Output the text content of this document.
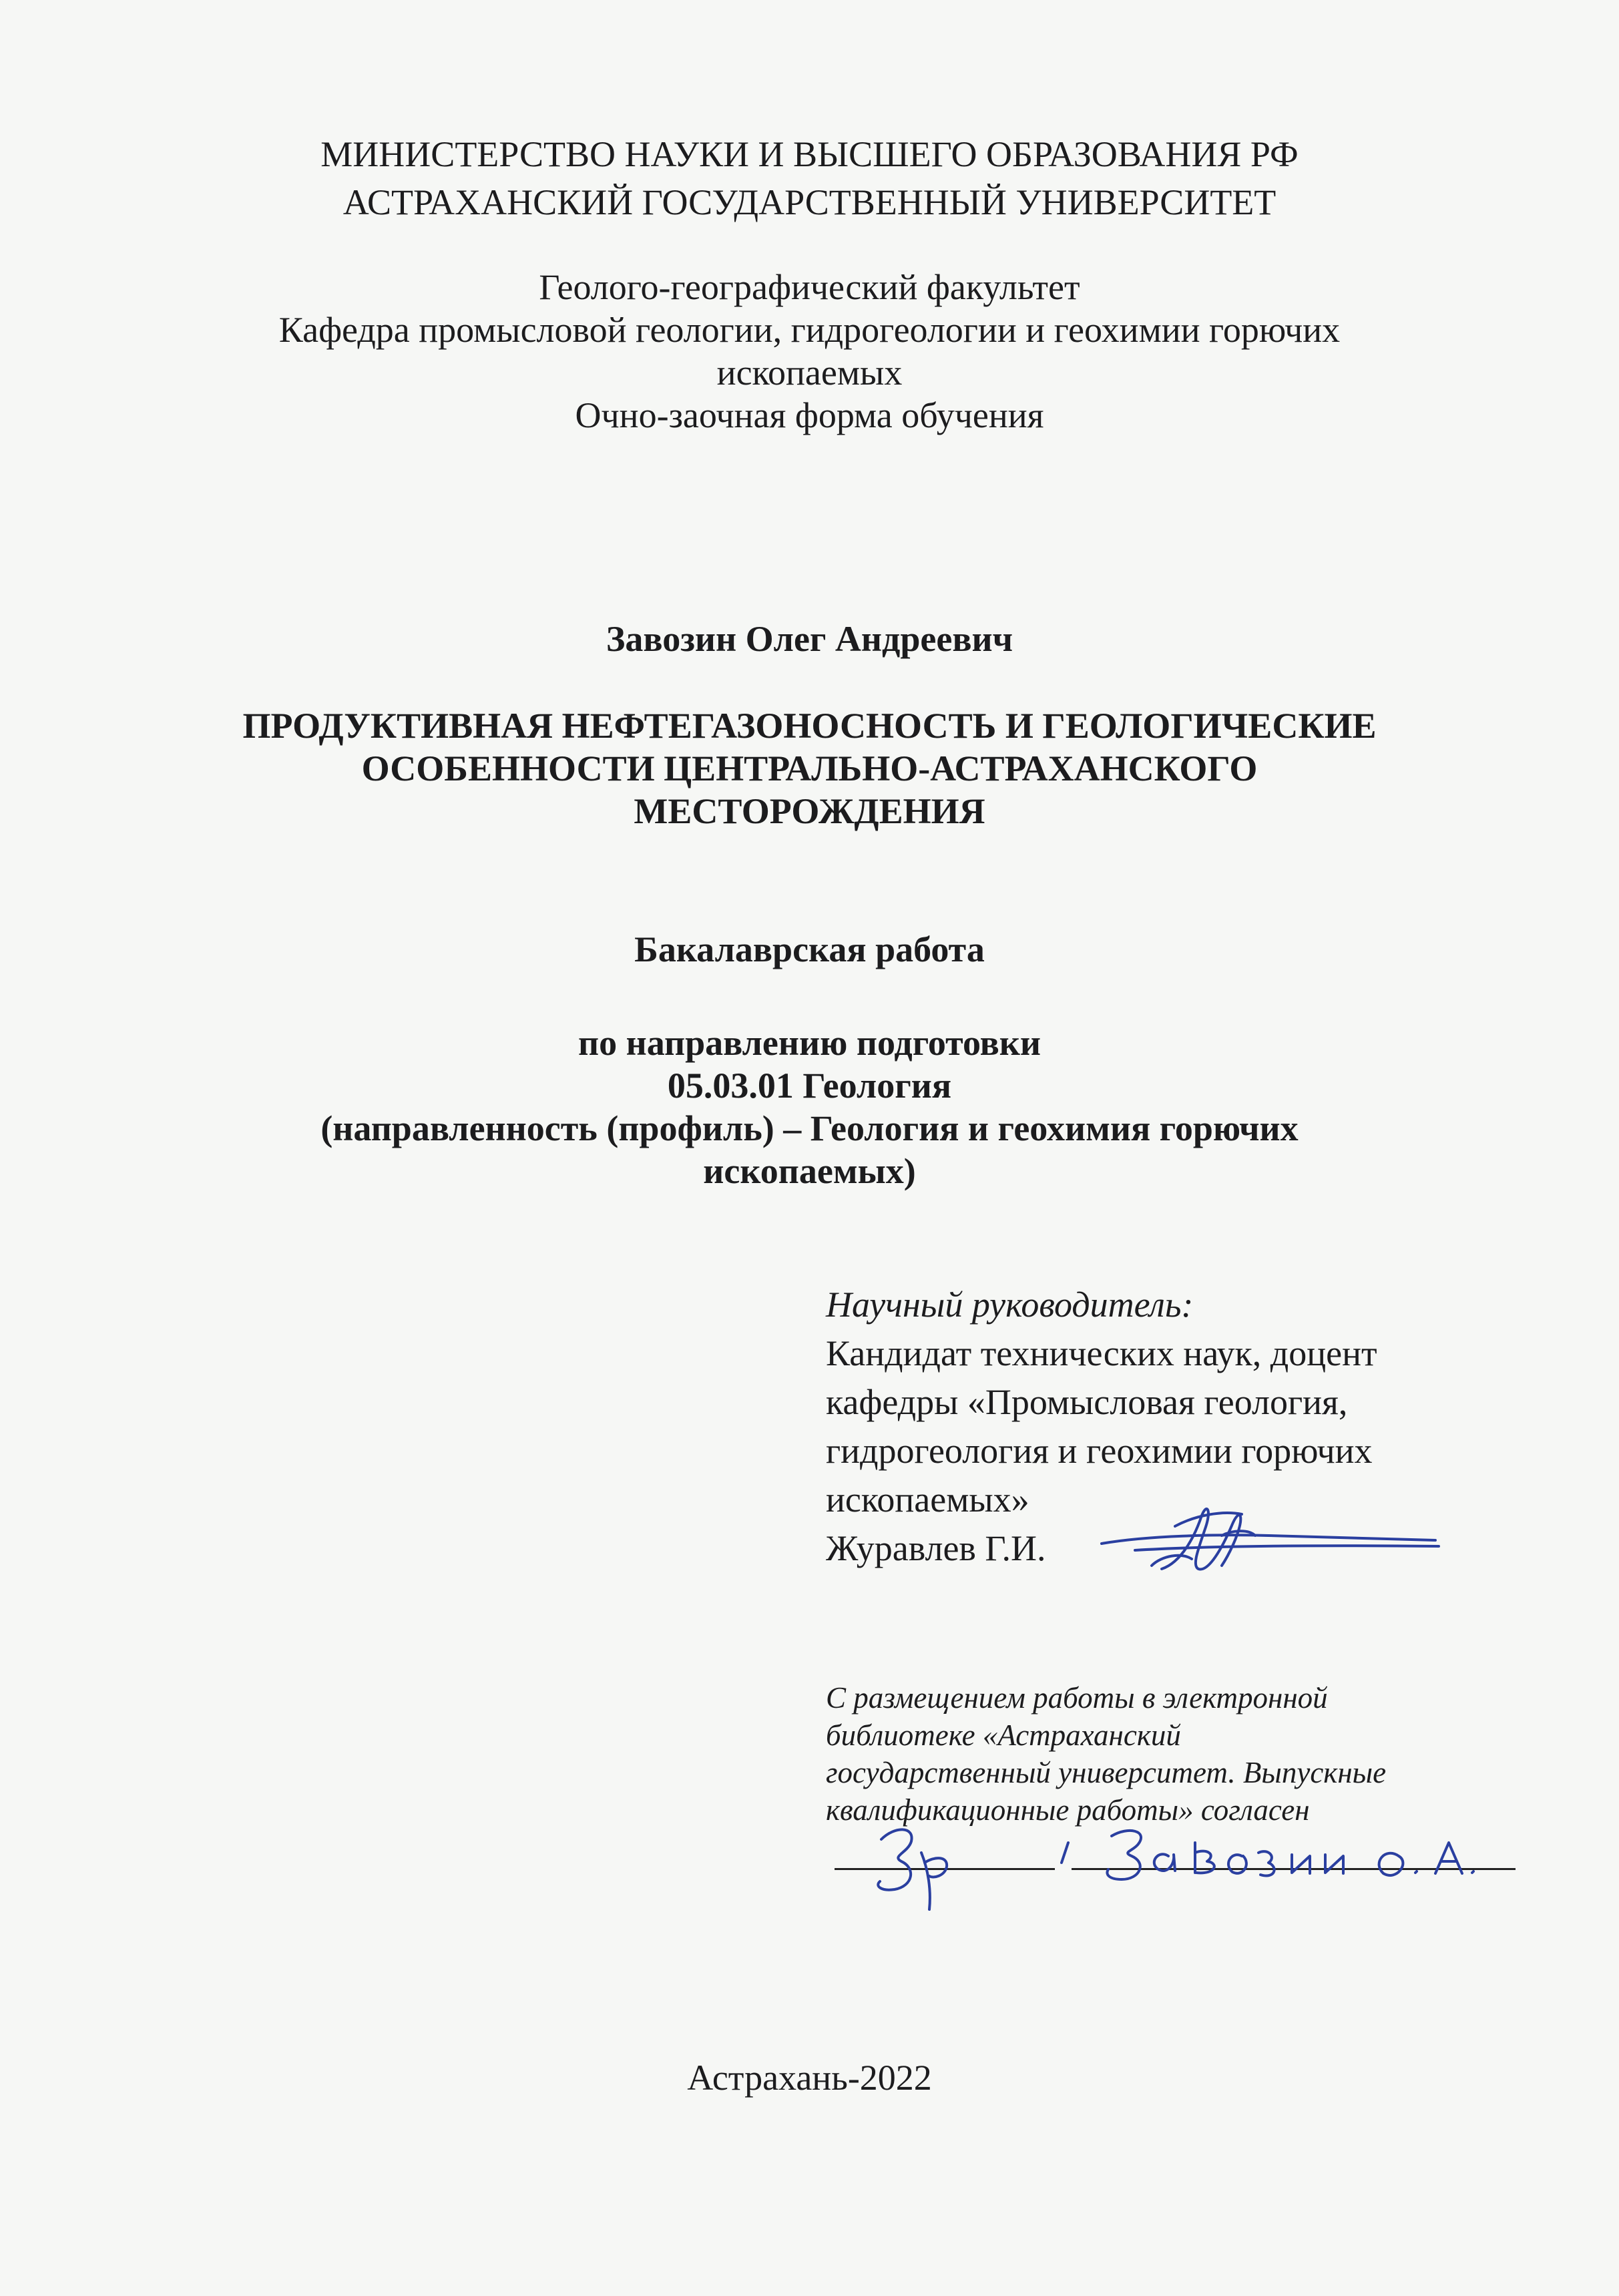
МИНИСТЕРСТВО НАУКИ И ВЫСШЕГО ОБРАЗОВАНИЯ РФ
АСТРАХАНСКИЙ ГОСУДАРСТВЕННЫЙ УНИВЕРСИТЕТ
Геолого-географический факультет
Кафедра промысловой геологии, гидрогеологии и геохимии горючих
ископаемых
Очно-заочная форма обучения
Завозин Олег Андреевич
ПРОДУКТИВНАЯ НЕФТЕГАЗОНОСНОСТЬ И ГЕОЛОГИЧЕСКИЕ
ОСОБЕННОСТИ ЦЕНТРАЛЬНО-АСТРАХАНСКОГО
МЕСТОРОЖДЕНИЯ
Бакалаврская работа
по направлению подготовки
05.03.01 Геология
(направленность (профиль) – Геология и геохимия горючих
ископаемых)
Научный руководитель:
Кандидат технических наук, доцент
кафедры «Промысловая геология,
гидрогеология и геохимии горючих
ископаемых»
Журавлев Г.И.
С размещением работы в электронной
библиотеке «Астраханский
государственный университет. Выпускные
квалификационные работы» согласен
Астрахань-2022
